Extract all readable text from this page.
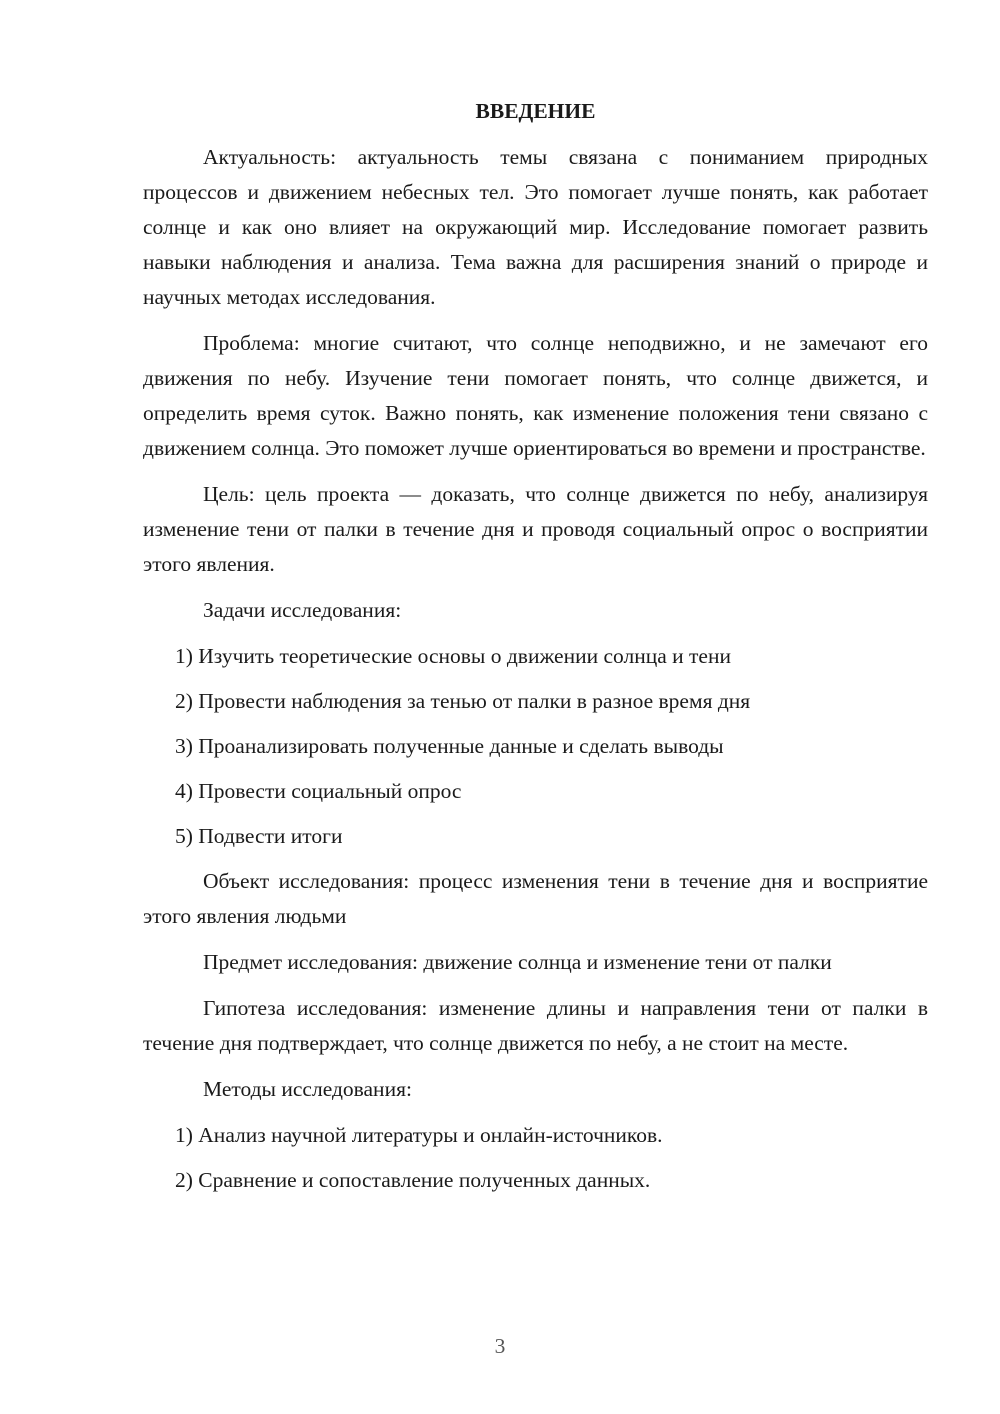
ВВЕДЕНИЕ

Актуальность: актуальность темы связана с пониманием природных процессов и движением небесных тел. Это помогает лучше понять, как работает солнце и как оно влияет на окружающий мир. Исследование помогает развить навыки наблюдения и анализа. Тема важна для расширения знаний о природе и научных методах исследования.

Проблема: многие считают, что солнце неподвижно, и не замечают его движения по небу. Изучение тени помогает понять, что солнце движется, и определить время суток. Важно понять, как изменение положения тени связано с движением солнца. Это поможет лучше ориентироваться во времени и пространстве.

Цель: цель проекта — доказать, что солнце движется по небу, анализируя изменение тени от палки в течение дня и проводя социальный опрос о восприятии этого явления.

Задачи исследования:

1) Изучить теоретические основы о движении солнца и тени
2) Провести наблюдения за тенью от палки в разное время дня
3) Проанализировать полученные данные и сделать выводы
4) Провести социальный опрос
5) Подвести итоги

Объект исследования: процесс изменения тени в течение дня и восприятие этого явления людьми

Предмет исследования: движение солнца и изменение тени от палки

Гипотеза исследования: изменение длины и направления тени от палки в течение дня подтверждает, что солнце движется по небу, а не стоит на месте.

Методы исследования:

1) Анализ научной литературы и онлайн-источников.
2) Сравнение и сопоставление полученных данных.
3
